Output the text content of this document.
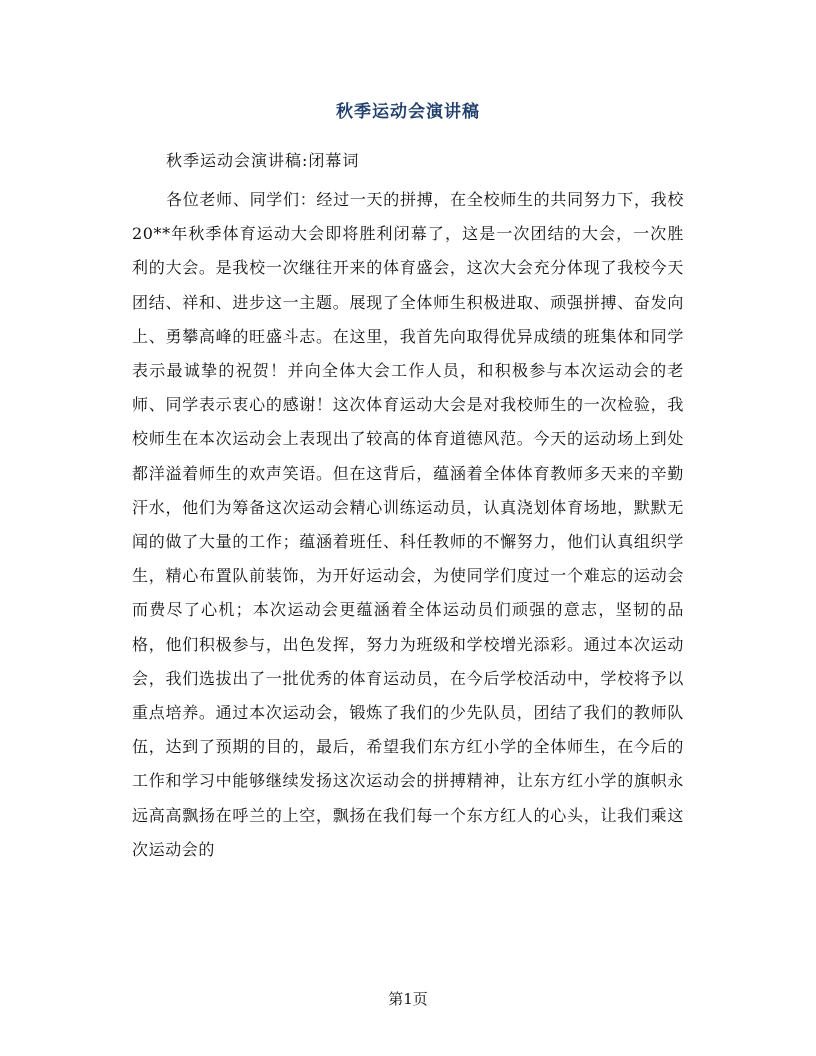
秋季运动会演讲稿
秋季运动会演讲稿:闭幕词

各位老师、同学们：经过一天的拼搏，在全校师生的共同努力下，我校20**年秋季体育运动大会即将胜利闭幕了，这是一次团结的大会，一次胜利的大会。是我校一次继往开来的体育盛会，这次大会充分体现了我校今天团结、祥和、进步这一主题。展现了全体师生积极进取、顽强拼搏、奋发向上、勇攀高峰的旺盛斗志。在这里，我首先向取得优异成绩的班集体和同学表示最诚挚的祝贺！并向全体大会工作人员，和积极参与本次运动会的老师、同学表示衷心的感谢！这次体育运动大会是对我校师生的一次检验，我校师生在本次运动会上表现出了较高的体育道德风范。今天的运动场上到处都洋溢着师生的欢声笑语。但在这背后，蕴涵着全体体育教师多天来的辛勤汗水，他们为筹备这次运动会精心训练运动员，认真浇划体育场地，默默无闻的做了大量的工作；蕴涵着班任、科任教师的不懈努力，他们认真组织学生，精心布置队前装饰，为开好运动会，为使同学们度过一个难忘的运动会而费尽了心机；本次运动会更蕴涵着全体运动员们顽强的意志，坚韧的品格，他们积极参与，出色发挥，努力为班级和学校增光添彩。通过本次运动会，我们选拔出了一批优秀的体育运动员，在今后学校活动中，学校将予以重点培养。通过本次运动会，锻炼了我们的少先队员，团结了我们的教师队伍，达到了预期的目的，最后，希望我们东方红小学的全体师生，在今后的工作和学习中能够继续发扬这次运动会的拼搏精神，让东方红小学的旗帜永远高高飘扬在呼兰的上空，飘扬在我们每一个东方红人的心头，让我们乘这次运动会的

第1页
